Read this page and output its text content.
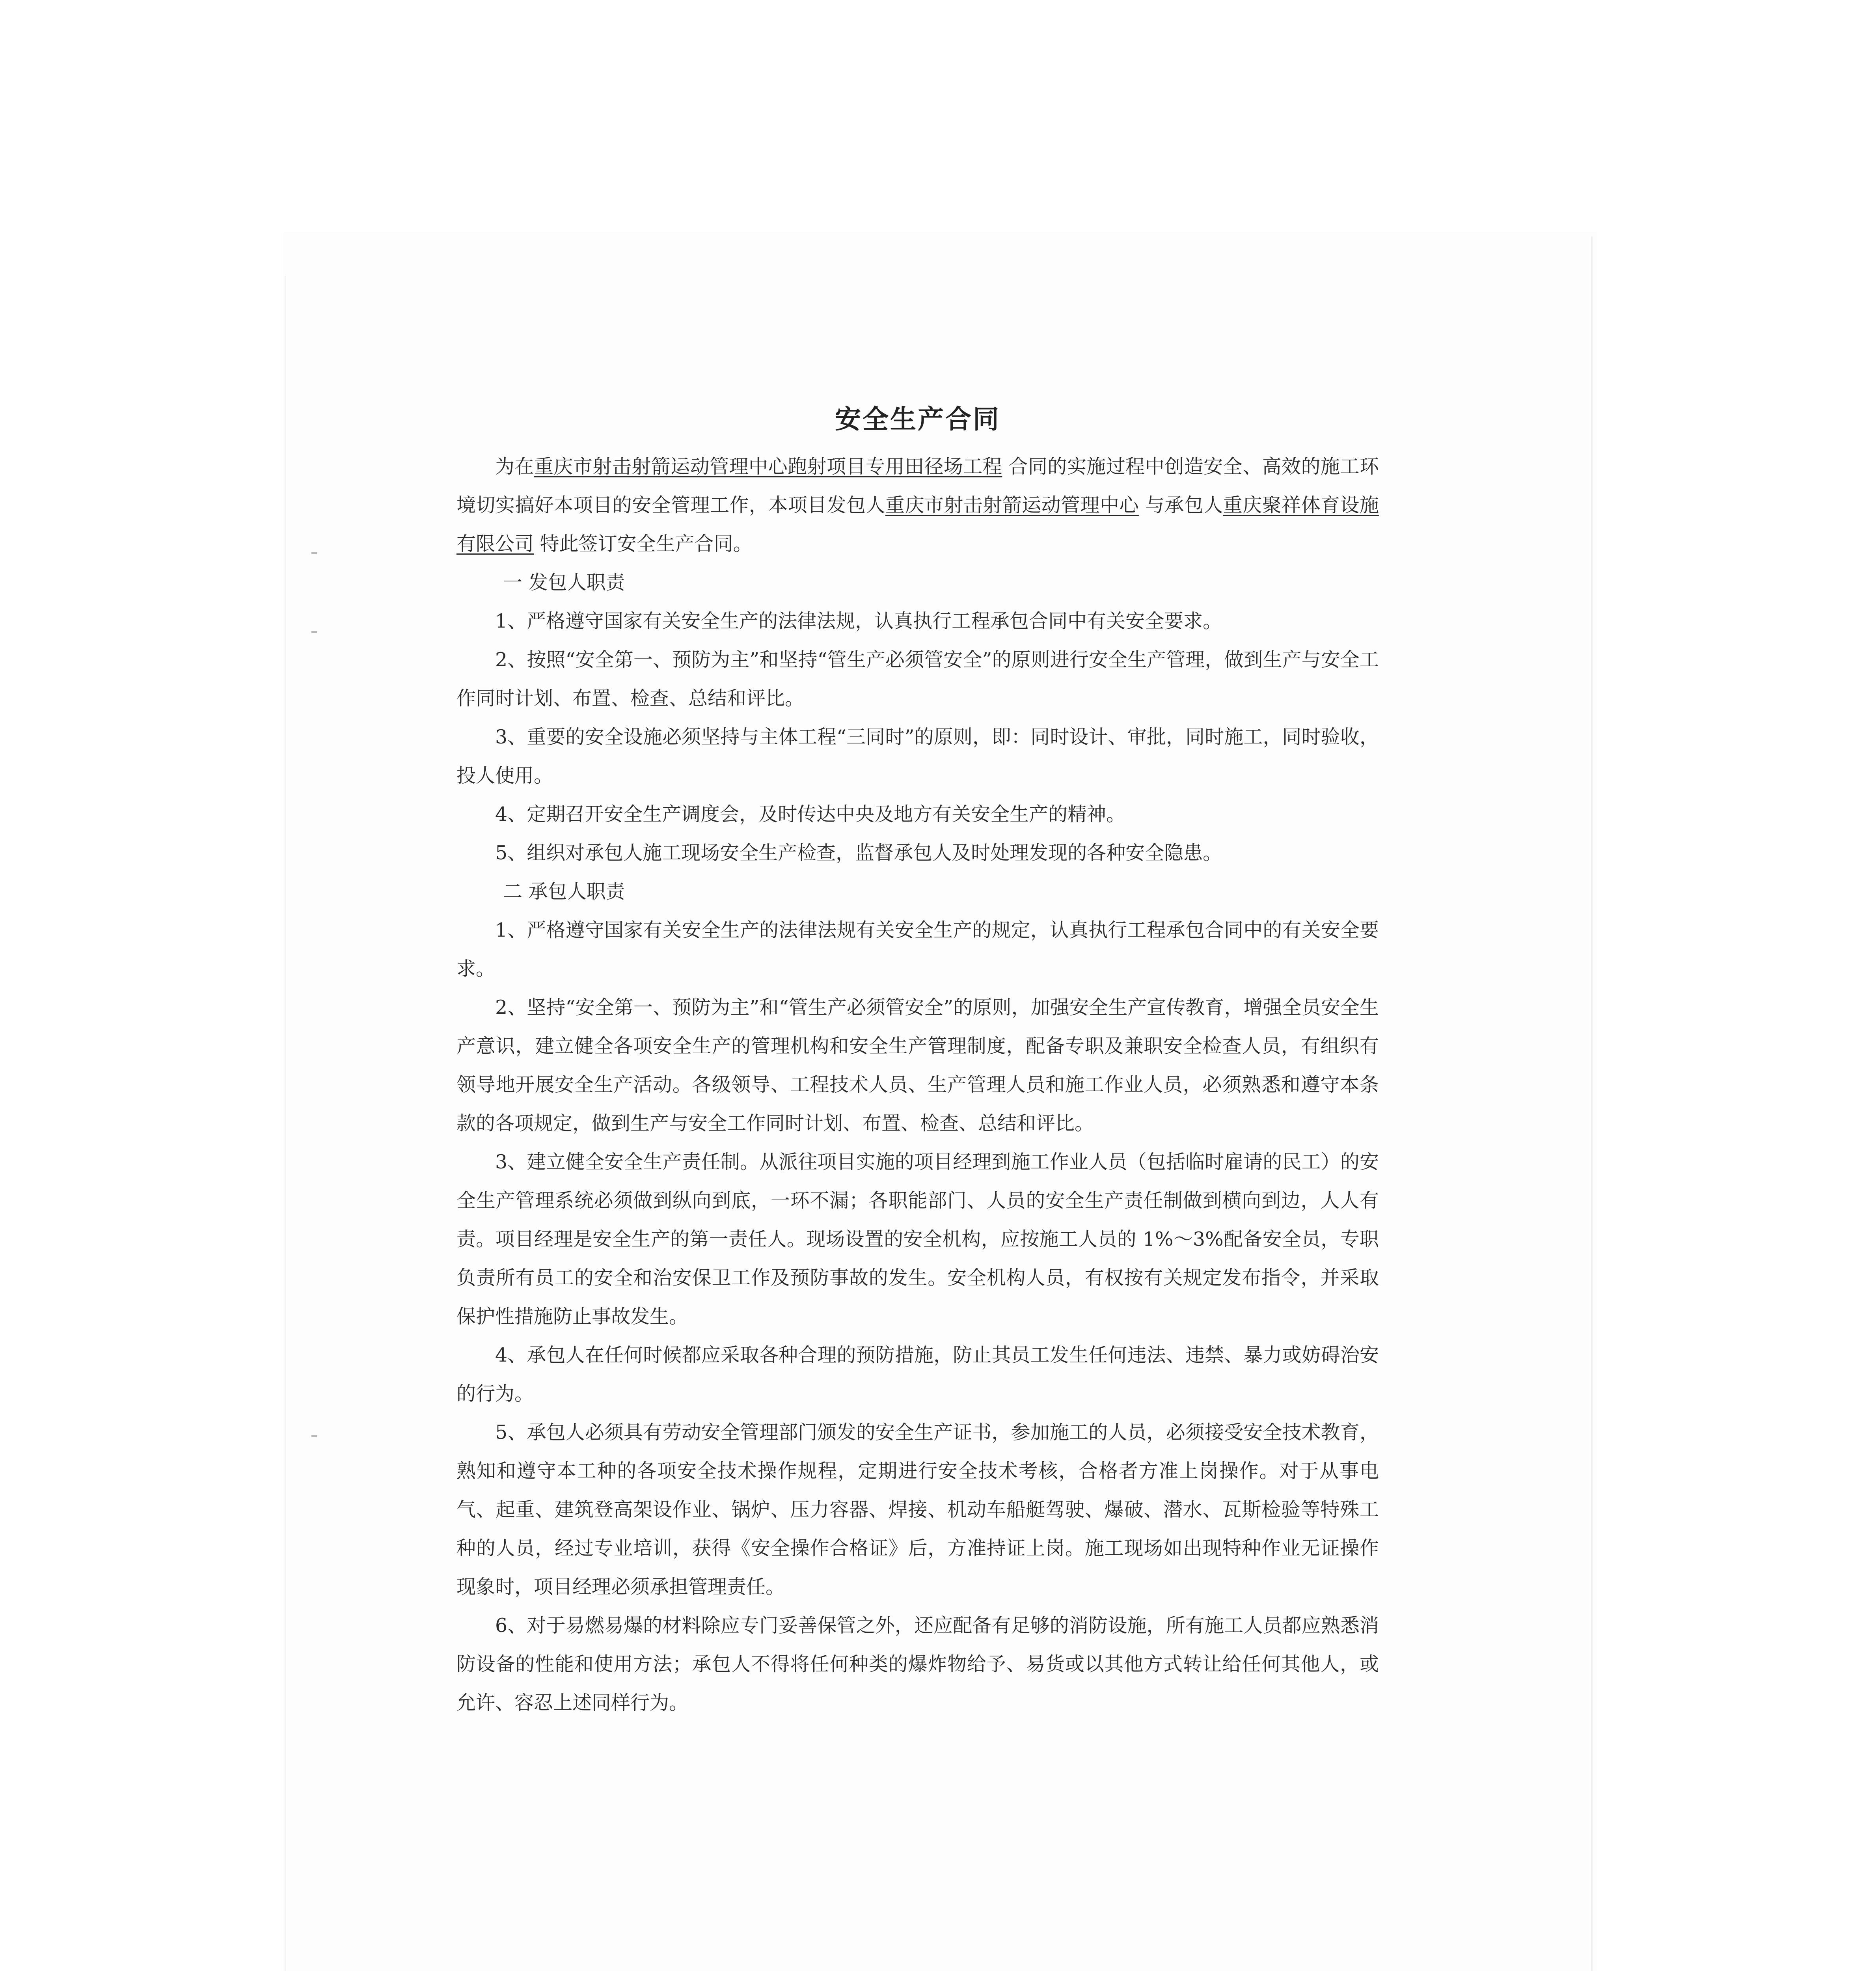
安全生产合同

为在重庆市射击射箭运动管理中心跑射项目专用田径场工程 合同的实施过程中创造安全、高效的施工环境切实搞好本项目的安全管理工作，本项目发包人重庆市射击射箭运动管理中心 与承包人重庆聚祥体育设施有限公司 特此签订安全生产合同。

一 发包人职责

1、严格遵守国家有关安全生产的法律法规，认真执行工程承包合同中有关安全要求。

2、按照“安全第一、预防为主”和坚持“管生产必须管安全”的原则进行安全生产管理，做到生产与安全工作同时计划、布置、检查、总结和评比。

3、重要的安全设施必须坚持与主体工程“三同时”的原则，即：同时设计、审批，同时施工，同时验收，投人使用。

4、定期召开安全生产调度会，及时传达中央及地方有关安全生产的精神。

5、组织对承包人施工现场安全生产检查，监督承包人及时处理发现的各种安全隐患。

二 承包人职责

1、严格遵守国家有关安全生产的法律法规有关安全生产的规定，认真执行工程承包合同中的有关安全要求。

2、坚持“安全第一、预防为主”和“管生产必须管安全”的原则，加强安全生产宣传教育，增强全员安全生产意识，建立健全各项安全生产的管理机构和安全生产管理制度，配备专职及兼职安全检查人员，有组织有领导地开展安全生产活动。各级领导、工程技术人员、生产管理人员和施工作业人员，必须熟悉和遵守本条款的各项规定，做到生产与安全工作同时计划、布置、检查、总结和评比。

3、建立健全安全生产责任制。从派往项目实施的项目经理到施工作业人员（包括临时雇请的民工）的安全生产管理系统必须做到纵向到底，一环不漏；各职能部门、人员的安全生产责任制做到横向到边，人人有责。项目经理是安全生产的第一责任人。现场设置的安全机构，应按施工人员的 1%～3%配备安全员，专职负责所有员工的安全和治安保卫工作及预防事故的发生。安全机构人员，有权按有关规定发布指令，并采取保护性措施防止事故发生。

4、承包人在任何时候都应采取各种合理的预防措施，防止其员工发生任何违法、违禁、暴力或妨碍治安的行为。

5、承包人必须具有劳动安全管理部门颁发的安全生产证书，参加施工的人员，必须接受安全技术教育，熟知和遵守本工种的各项安全技术操作规程，定期进行安全技术考核，合格者方准上岗操作。对于从事电气、起重、建筑登高架设作业、锅炉、压力容器、焊接、机动车船艇驾驶、爆破、潜水、瓦斯检验等特殊工种的人员，经过专业培训，获得《安全操作合格证》后，方准持证上岗。施工现场如出现特种作业无证操作现象时，项目经理必须承担管理责任。

6、对于易燃易爆的材料除应专门妥善保管之外，还应配备有足够的消防设施，所有施工人员都应熟悉消防设备的性能和使用方法；承包人不得将任何种类的爆炸物给予、易货或以其他方式转让给任何其他人，或允许、容忍上述同样行为。
